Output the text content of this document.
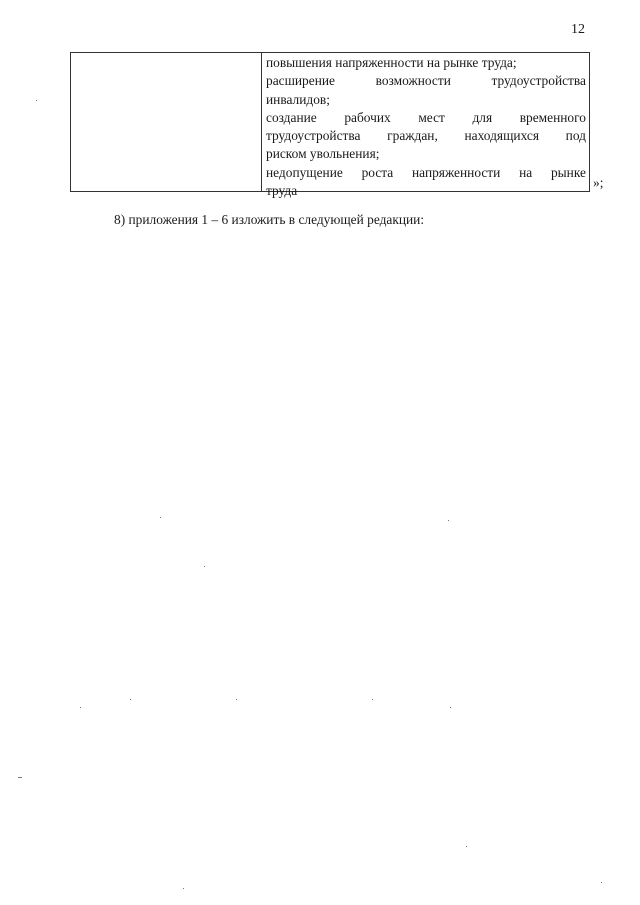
12
повышения напряженности на рынке труда;
расширение	возможности	трудоустройства
инвалидов;
создание рабочих мест для временного
трудоустройства граждан, находящихся под
риском увольнения;
недопущение роста напряженности на рынке
труда
»;
8) приложения 1 – 6 изложить в следующей редакции:
